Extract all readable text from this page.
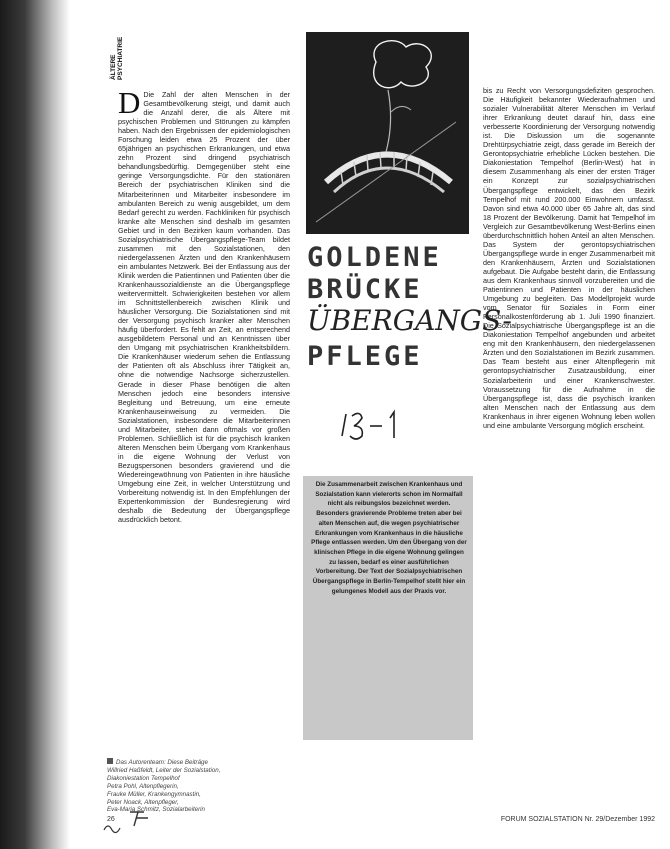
ÄLTERE PSYCHIATRIE

D Die Zahl der alten Menschen in der Gesamtbevölkerung steigt, und damit auch die Anzahl derer, die als Ältere mit psychischen Problemen und Störungen zu kämpfen haben. Nach den Ergebnissen der epidemiologischen Forschung leiden etwa 25 Prozent der über 65jährigen an psychischen Erkrankungen, und etwa zehn Prozent sind dringend psychiatrisch behandlungsbedürftig. Demgegenüber steht eine geringe Versorgungsdichte. Für den stationären Bereich der psychiatrischen Kliniken sind die Mitarbeiterinnen und Mitarbeiter insbesondere im ambulanten Bereich zu wenig ausgebildet, um dem Bedarf gerecht zu werden. Fachkliniken für psychisch kranke alte Menschen sind deshalb im gesamten Gebiet und in den Bezirken kaum vorhanden. Das Sozialpsychiatrische Übergangspflege-Team bildet zusammen mit den Sozialstationen, den niedergelassenen Ärzten und den Krankenhäusern ein ambulantes Netzwerk. Bei der Entlassung aus der Klinik werden die Patientinnen und Patienten über die Krankenhaussozialdienste an die Übergangspflege weitervermittelt. Schwierigkeiten bestehen vor allem im Schnittstellenbereich zwischen Klinik und häuslicher Versorgung. Die Sozialstationen sind mit der Versorgung psychisch kranker alter Menschen häufig überfordert. Es fehlt an Zeit, an entsprechend ausgebildetem Personal und an Kenntnissen über den Umgang mit psychiatrischen Krankheitsbildern. Die Krankenhäuser wiederum sehen die Entlassung der Patienten oft als Abschluss ihrer Tätigkeit an, ohne die notwendige Nachsorge sicherzustellen. Gerade in dieser Phase benötigen die alten Menschen jedoch eine besonders intensive Begleitung und Betreuung, um eine erneute Krankenhauseinweisung zu vermeiden. Die Sozialstationen, insbesondere die Mitarbeiterinnen und Mitarbeiter, stehen dann oftmals vor großen Problemen. Schließlich ist für die psychisch kranken älteren Menschen beim Übergang vom Krankenhaus in die eigene Wohnung der Verlust von Bezugspersonen besonders gravierend und die Wiedereingewöhnung von Patienten in ihre häusliche Umgebung eine Zeit, in welcher Unterstützung und Vorbereitung notwendig ist. In den Empfehlungen der Expertenkommission der Bundesregierung wird deshalb die Bedeutung der Übergangspflege ausdrücklich betont.

GOLDENE
BRÜCKE
ÜBERGANGS-
PFLEGE
Die Zusammenarbeit zwischen Krankenhaus und Sozialstation kann vielerorts schon im Normalfall nicht als reibungslos bezeichnet werden. Besonders gravierende Probleme treten aber bei alten Menschen auf, die wegen psychiatrischer Erkrankungen vom Krankenhaus in die häusliche Pflege entlassen werden. Um den Übergang von der klinischen Pflege in die eigene Wohnung gelingen zu lassen, bedarf es einer ausführlichen Vorbereitung. Der Text der Sozialpsychiatrischen Übergangspflege in Berlin-Tempelhof stellt hier ein gelungenes Modell aus der Praxis vor.

bis zu Recht von Versorgungsdefiziten gesprochen. Die Häufigkeit bekannter Wiederaufnahmen und sozialer Vulnerabilität älterer Menschen im Verlauf ihrer Erkrankung deutet darauf hin, dass eine verbesserte Koordinierung der Versorgung notwendig ist. Die Diskussion um die sogenannte Drehtürpsychiatrie zeigt, dass gerade im Bereich der Gerontopsychiatrie erhebliche Lücken bestehen. Die Diakoniestation Tempelhof (Berlin-West) hat in diesem Zusammenhang als einer der ersten Träger ein Konzept zur sozialpsychiatrischen Übergangspflege entwickelt, das den Bezirk Tempelhof mit rund 200.000 Einwohnern umfasst. Davon sind etwa 40.000 über 65 Jahre alt, das sind 18 Prozent der Bevölkerung. Damit hat Tempelhof im Vergleich zur Gesamtbevölkerung West-Berlins einen überdurchschnittlich hohen Anteil an alten Menschen. Das System der gerontopsychiatrischen Übergangspflege wurde in enger Zusammenarbeit mit den Krankenhäusern, Ärzten und Sozialstationen aufgebaut. Die Aufgabe besteht darin, die Entlassung aus dem Krankenhaus sinnvoll vorzubereiten und die Patientinnen und Patienten in der häuslichen Umgebung zu begleiten. Das Modellprojekt wurde vom Senator für Soziales in Form einer Personalkostenförderung ab 1. Juli 1990 finanziert. Die Sozialpsychiatrische Übergangspflege ist an die Diakoniestation Tempelhof angebunden und arbeitet eng mit den Krankenhäusern, den niedergelassenen Ärzten und den Sozialstationen im Bezirk zusammen. Das Team besteht aus einer Altenpflegerin mit gerontopsychiatrischer Zusatzausbildung, einer Sozialarbeiterin und einer Krankenschwester. Voraussetzung für die Aufnahme in die Übergangspflege ist, dass die psychisch kranken alten Menschen nach der Entlassung aus dem Krankenhaus in ihrer eigenen Wohnung leben wollen und eine ambulante Versorgung möglich erscheint.

Das Autorenteam: Diese Beiträge
Willried Haßfeldt, Leiter der Sozialstation,
Diakoniestation Tempelhof
Petra Pohl, Altenpflegerin,
Frauke Müller, Krankengymnastin,
Peter Noack, Altenpfleger,
Eva-Maria Schmitz, Sozialarbeiterin
26	FORUM SOZIALSTATION Nr. 29/Dezember 1992
